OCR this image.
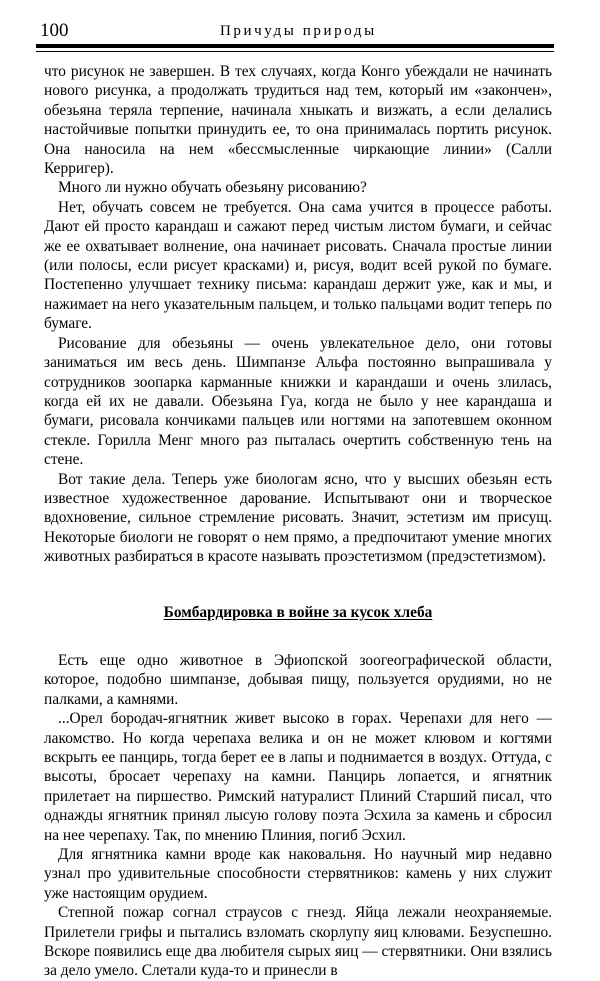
100	Причуды природы

что рисунок не завершен. В тех случаях, когда Конго убеждали не начинать нового рисунка, а продолжать трудиться над тем, который им «закончен», обезьяна теряла терпение, начинала хныкать и визжать, а если делались настойчивые попытки принудить ее, то она принималась портить рисунок. Она наносила на нем «бессмысленные чиркающие линии» (Салли Керригер).

Много ли нужно обучать обезьяну рисованию?

Нет, обучать совсем не требуется. Она сама учится в процессе работы. Дают ей просто карандаш и сажают перед чистым листом бумаги, и сейчас же ее охватывает волнение, она начинает рисовать. Сначала простые линии (или полосы, если рисует красками) и, рисуя, водит всей рукой по бумаге. Постепенно улучшает технику письма: карандаш держит уже, как и мы, и нажимает на него указательным пальцем, и только пальцами водит теперь по бумаге.

Рисование для обезьяны — очень увлекательное дело, они готовы заниматься им весь день. Шимпанзе Альфа постоянно выпрашивала у сотрудников зоопарка карманные книжки и карандаши и очень злилась, когда ей их не давали. Обезьяна Гуа, когда не было у нее карандаша и бумаги, рисовала кончиками пальцев или ногтями на запотевшем оконном стекле. Горилла Менг много раз пыталась очертить собственную тень на стене.

Вот такие дела. Теперь уже биологам ясно, что у высших обезьян есть известное художественное дарование. Испытывают они и творческое вдохновение, сильное стремление рисовать. Значит, эстетизм им присущ. Некоторые биологи не говорят о нем прямо, а предпочитают умение многих животных разбираться в красоте называть проэстетизмом (предэстетизмом).

Бомбардировка в войне за кусок хлеба

Есть еще одно животное в Эфиопской зоогеографической области, которое, подобно шимпанзе, добывая пищу, пользуется орудиями, но не палками, а камнями.

...Орел бородач-ягнятник живет высоко в горах. Черепахи для него — лакомство. Но когда черепаха велика и он не может клювом и когтями вскрыть ее панцирь, тогда берет ее в лапы и поднимается в воздух. Оттуда, с высоты, бросает черепаху на камни. Панцирь лопается, и ягнятник прилетает на пиршество. Римский натуралист Плиний Старший писал, что однажды ягнятник принял лысую голову поэта Эсхила за камень и сбросил на нее черепаху. Так, по мнению Плиния, погиб Эсхил.

Для ягнятника камни вроде как наковальня. Но научный мир недавно узнал про удивительные способности стервятников: камень у них служит уже настоящим орудием.

Степной пожар согнал страусов с гнезд. Яйца лежали неохраняемые. Прилетели грифы и пытались взломать скорлупу яиц клювами. Безуспешно. Вскоре появились еще два любителя сырых яиц — стервятники. Они взялись за дело умело. Слетали куда-то и принесли в
